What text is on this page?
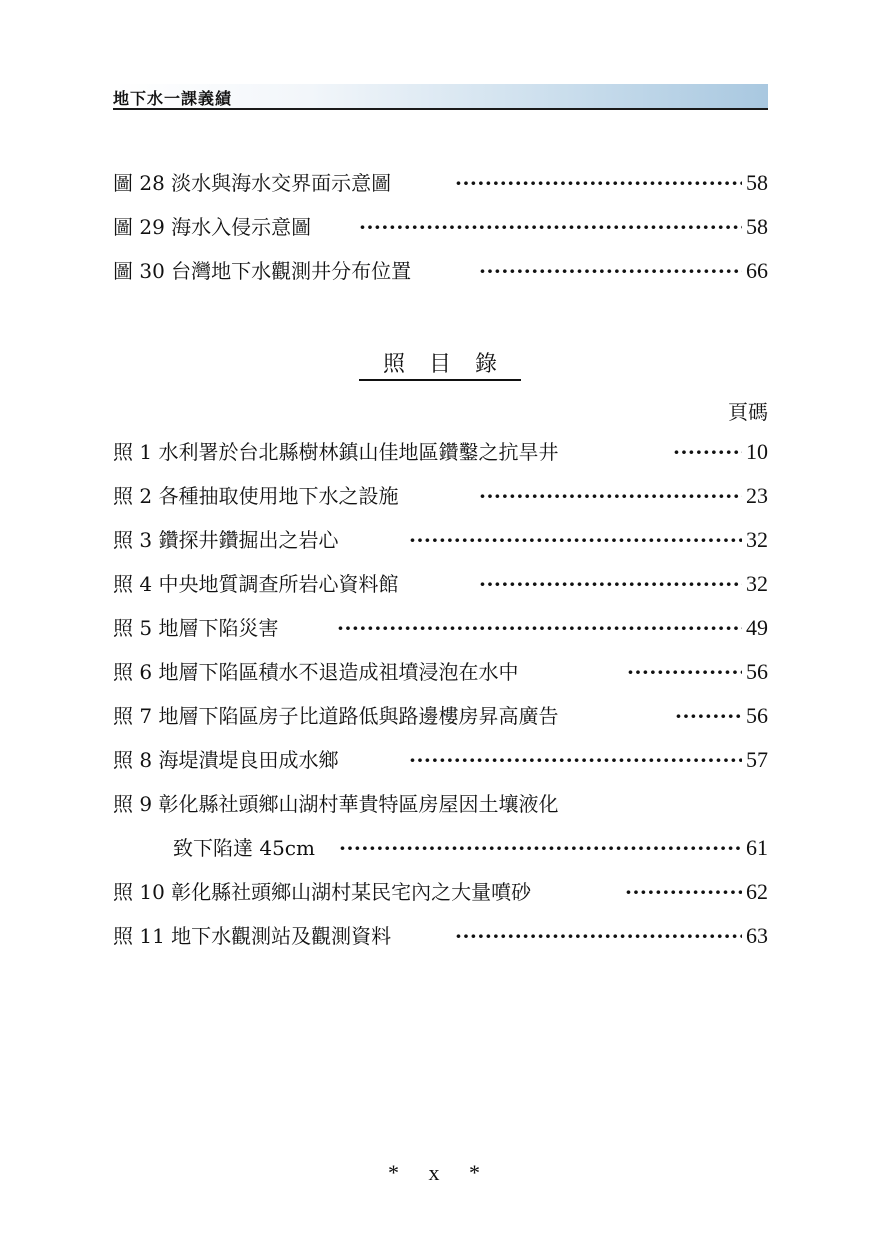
地下水一課義績
圖 28 淡水與海水交界面示意圖 ·····	58
圖 29 海水入侵示意圖 ·····	58
圖 30 台灣地下水觀測井分布位置 ·····	66
照目錄
頁碼
照 1 水利署於台北縣樹林鎮山佳地區鑽鑿之抗旱井 ·····	10
照 2 各種抽取使用地下水之設施 ·····	23
照 3 鑽探井鑽掘出之岩心 ·····	32
照 4 中央地質調查所岩心資料館 ·····	32
照 5 地層下陷災害 ·····	49
照 6 地層下陷區積水不退造成祖墳浸泡在水中 ·····	56
照 7 地層下陷區房子比道路低與路邊樓房昇高廣告 ·····	56
照 8 海堤潰堤良田成水鄉 ·····	57
照 9 彰化縣社頭鄉山湖村華貴特區房屋因土壤液化
致下陷達 45cm ·····	61
照 10 彰化縣社頭鄉山湖村某民宅內之大量噴砂 ·····	62
照 11 地下水觀測站及觀測資料 ·····	63
* x *
